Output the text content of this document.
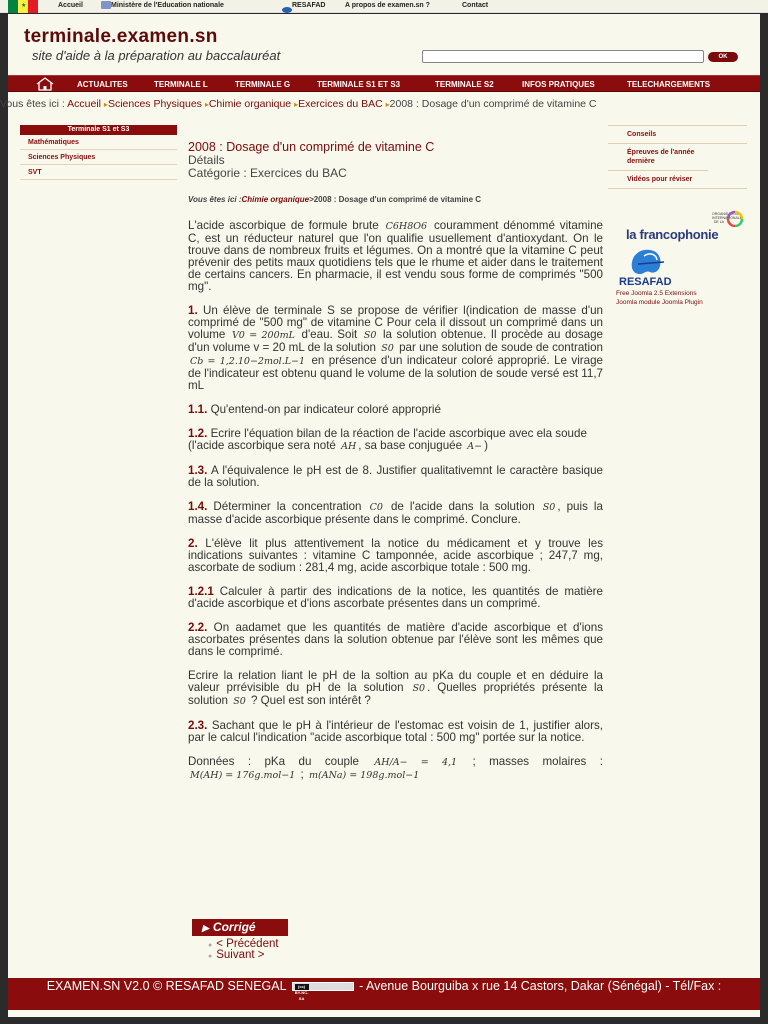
★	Accueil	Ministère de l'Education nationale	RESAFAD	A propos de examen.sn ?	Contact
terminale.examen.sn
site d'aide à la préparation au baccalauréat	OK
ACTUALITES	TERMINALE L	TERMINALE G	TERMINALE S1 ET S3	TERMINALE S2	INFOS PRATIQUES	TELECHARGEMENTS
Vous êtes ici : Accueil ▸Sciences Physiques ▸Chimie organique ▸Exercices du BAC ▸2008 : Dosage d'un comprimé de vitamine C
Terminale S1 et S3
Mathématiques
Sciences Physiques
SVT
Conseils
Épreuves de l'année dernière
Vidéos pour réviser
ORGANISATION INTERNATIONALE DE LA
la francophonie
RESAFAD
Free Joomla 2.5 Extensions
Joomla module Joomla Plugin
2008 : Dosage d'un comprimé de vitamine C
Détails
Catégorie : Exercices du BAC
Vous êtes ici :Chimie organique>2008 : Dosage d'un comprimé de vitamine C
L'acide ascorbique de formule brute C6H8O6 couramment dénommé vitamine C, est un réducteur naturel que l'on qualifie usuellement d'antioxydant. On le trouve dans de nombreux fruits et légumes. On a montré que la vitamine C peut prévenir des petits maux quotidiens tels que le rhume et aider dans le traitement de certains cancers. En pharmacie, il est vendu sous forme de comprimés "500 mg".
1. Un élève de terminale S se propose de vérifier l(indication de masse d'un comprimé de "500 mg" de vitamine C Pour cela il dissout un comprimé dans un volume V0 = 200mL d'eau. Soit S0 la solution obtenue. Il procède au dosage d'un volume v = 20 mL de la solution S0 par une solution de soude de contration Cb = 1,2.10−2mol.L−1 en présence d'un indicateur coloré approprié. Le virage de l'indicateur est obtenu quand le volume de la solution de soude versé est 11,7 mL
1.1. Qu'entend-on par indicateur coloré approprié
1.2. Ecrire l'équation bilan de la réaction de l'acide ascorbique avec ela soude
(l'acide ascorbique sera noté AH , sa base conjuguée A− )
1.3. A l'équivalence le pH est de 8. Justifier qualitativemnt le caractère basique de la solution.
1.4. Déterminer la concentration C0 de l'acide dans la solution S0 , puis la masse d'acide ascorbique présente dans le comprimé. Conclure.
2. L'élève lit plus attentivement la notice du médicament et y trouve les indications suivantes : vitamine C tamponnée, acide ascorbique ; 247,7 mg, ascorbate de sodium : 281,4 mg, acide ascorbique totale : 500 mg.
1.2.1 Calculer à partir des indications de la notice, les quantités de matière d'acide ascorbique et d'ions ascorbate présentes dans un comprimé.
2.2. On aadamet que les quantités de matière d'acide ascorbique et d'ions ascorbates présentes dans la solution obtenue par l'élève sont les mêmes que dans le comprimé.
Ecrire la relation liant le pH de la soltion au pKa du couple et en déduire la valeur prrévisible du pH de la solution S0 . Quelles propriétés présente la solution S0 ? Quel est son intérêt ?
2.3. Sachant que le pH à l'intérieur de l'estomac est voisin de 1, justifier alors, par le calcul l'indication "acide ascorbique total : 500 mg" portée sur la notice.
Données : pKa du couple AH/A− = 4,1 ; masses molaires : M(AH) = 176g.mol−1 ; m(ANa) = 198g.mol−1
▶ Corrigé
● < Précédent
● Suivant >
EXAMEN.SN V2.0 © RESAFAD SENEGAL	(cc) BY-NC-SA
- Avenue Bourguiba x rue 14 Castors, Dakar (Sénégal) - Tél/Fax :
